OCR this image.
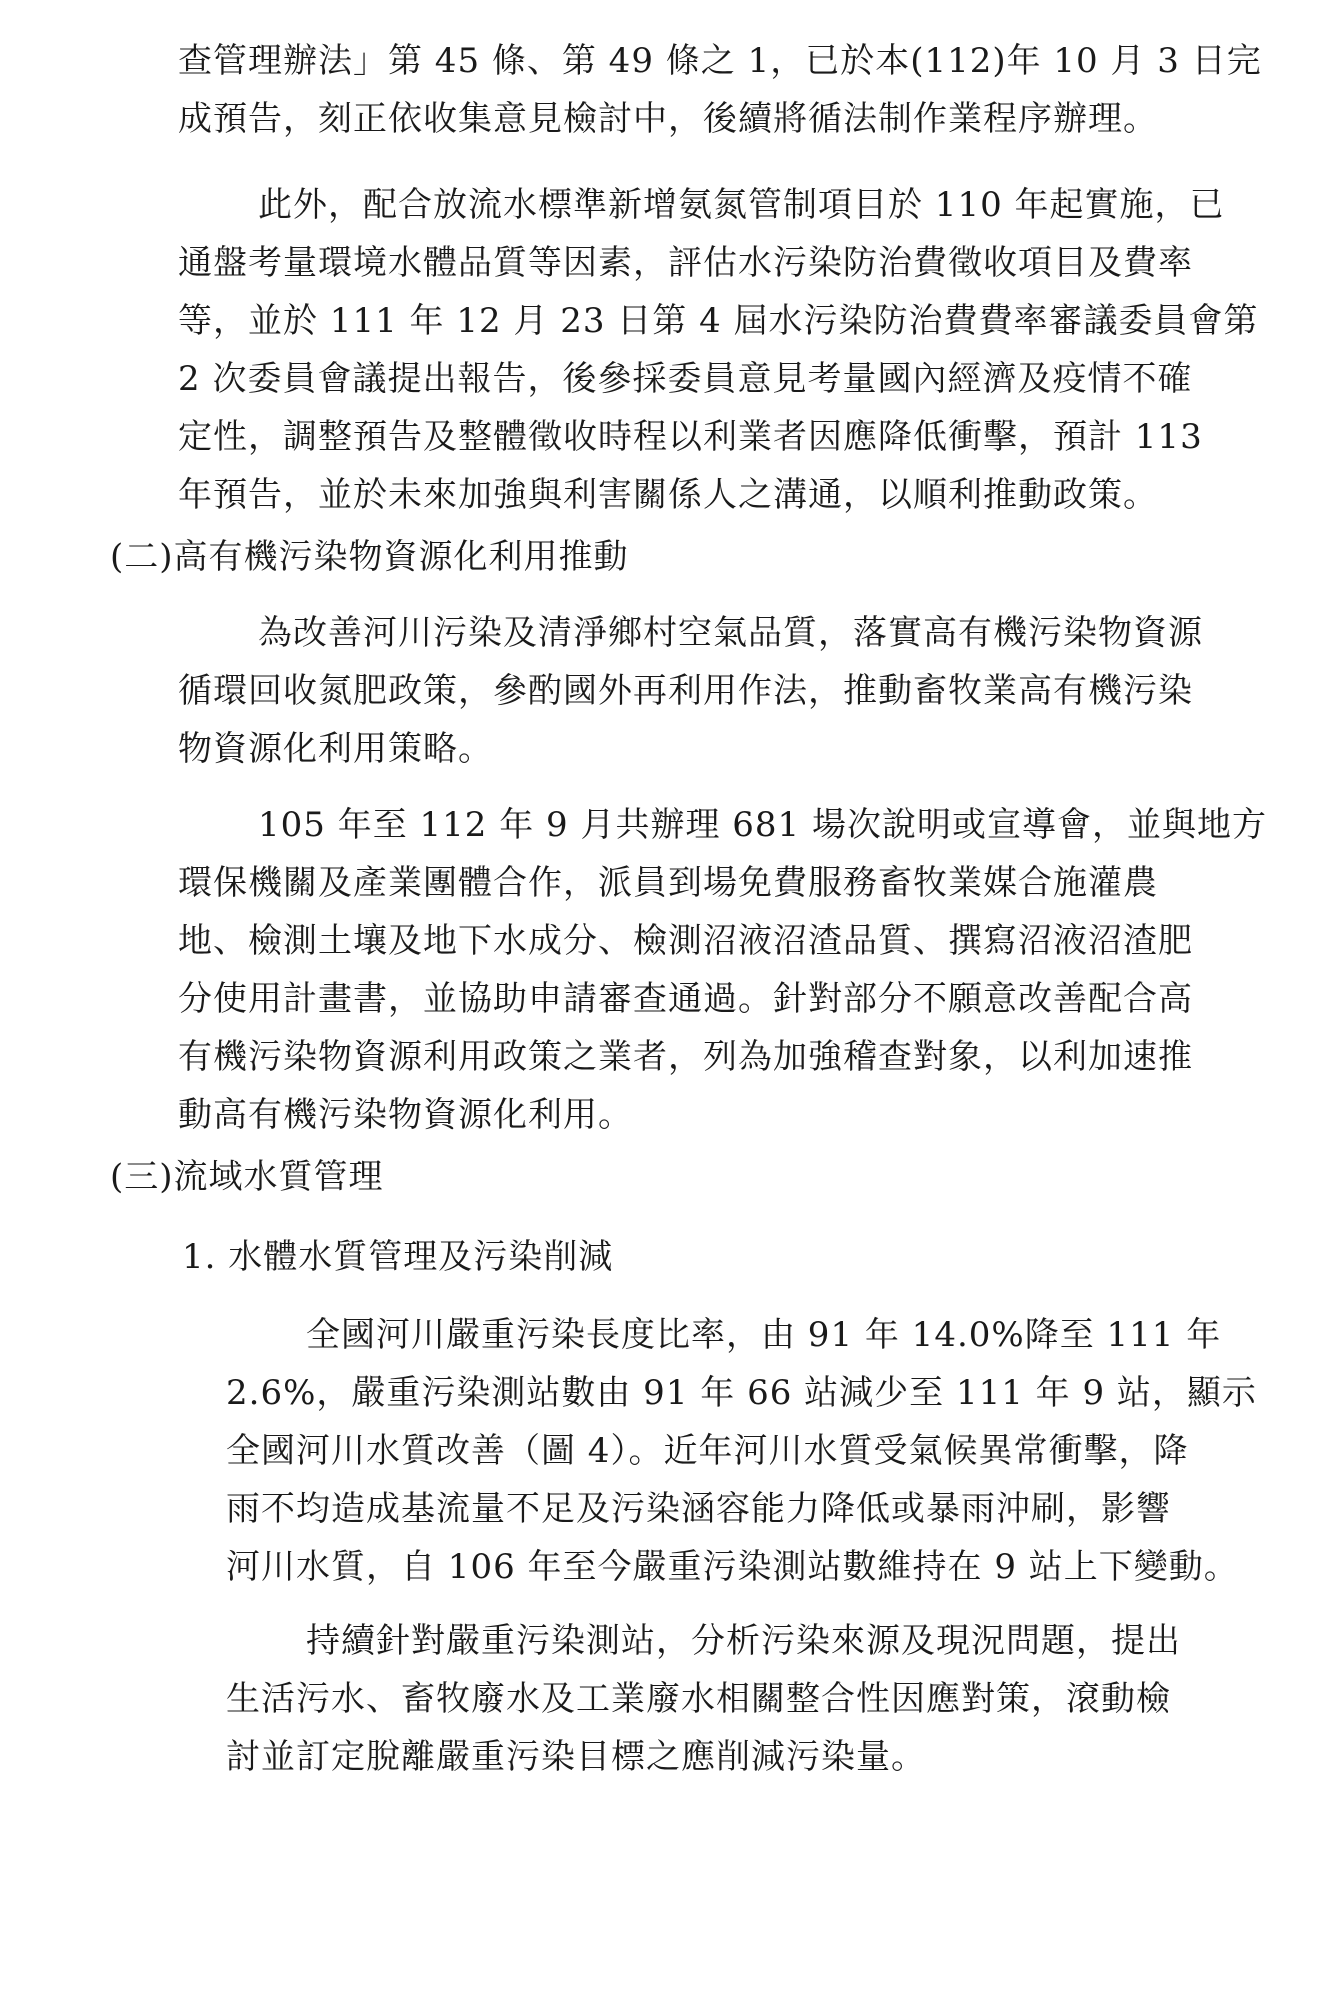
查管理辦法」第 45 條、第 49 條之 1，已於本(112)年 10 月 3 日完
成預告，刻正依收集意見檢討中，後續將循法制作業程序辦理。

此外，配合放流水標準新增氨氮管制項目於 110 年起實施，已
通盤考量環境水體品質等因素，評估水污染防治費徵收項目及費率
等，並於 111 年 12 月 23 日第 4 屆水污染防治費費率審議委員會第
2 次委員會議提出報告，後參採委員意見考量國內經濟及疫情不確
定性，調整預告及整體徵收時程以利業者因應降低衝擊，預計 113
年預告，並於未來加強與利害關係人之溝通，以順利推動政策。

(二)高有機污染物資源化利用推動

為改善河川污染及清淨鄉村空氣品質，落實高有機污染物資源
循環回收氮肥政策，參酌國外再利用作法，推動畜牧業高有機污染
物資源化利用策略。

105 年至 112 年 9 月共辦理 681 場次說明或宣導會，並與地方
環保機關及產業團體合作，派員到場免費服務畜牧業媒合施灌農
地、檢測土壤及地下水成分、檢測沼液沼渣品質、撰寫沼液沼渣肥
分使用計畫書，並協助申請審查通過。針對部分不願意改善配合高
有機污染物資源利用政策之業者，列為加強稽查對象，以利加速推
動高有機污染物資源化利用。

(三)流域水質管理
1. 水體水質管理及污染削減

全國河川嚴重污染長度比率，由 91 年 14.0%降至 111 年
2.6%，嚴重污染測站數由 91 年 66 站減少至 111 年 9 站，顯示
全國河川水質改善（圖 4）。近年河川水質受氣候異常衝擊，降
雨不均造成基流量不足及污染涵容能力降低或暴雨沖刷，影響
河川水質，自 106 年至今嚴重污染測站數維持在 9 站上下變動。

持續針對嚴重污染測站，分析污染來源及現況問題，提出
生活污水、畜牧廢水及工業廢水相關整合性因應對策，滾動檢
討並訂定脫離嚴重污染目標之應削減污染量。
